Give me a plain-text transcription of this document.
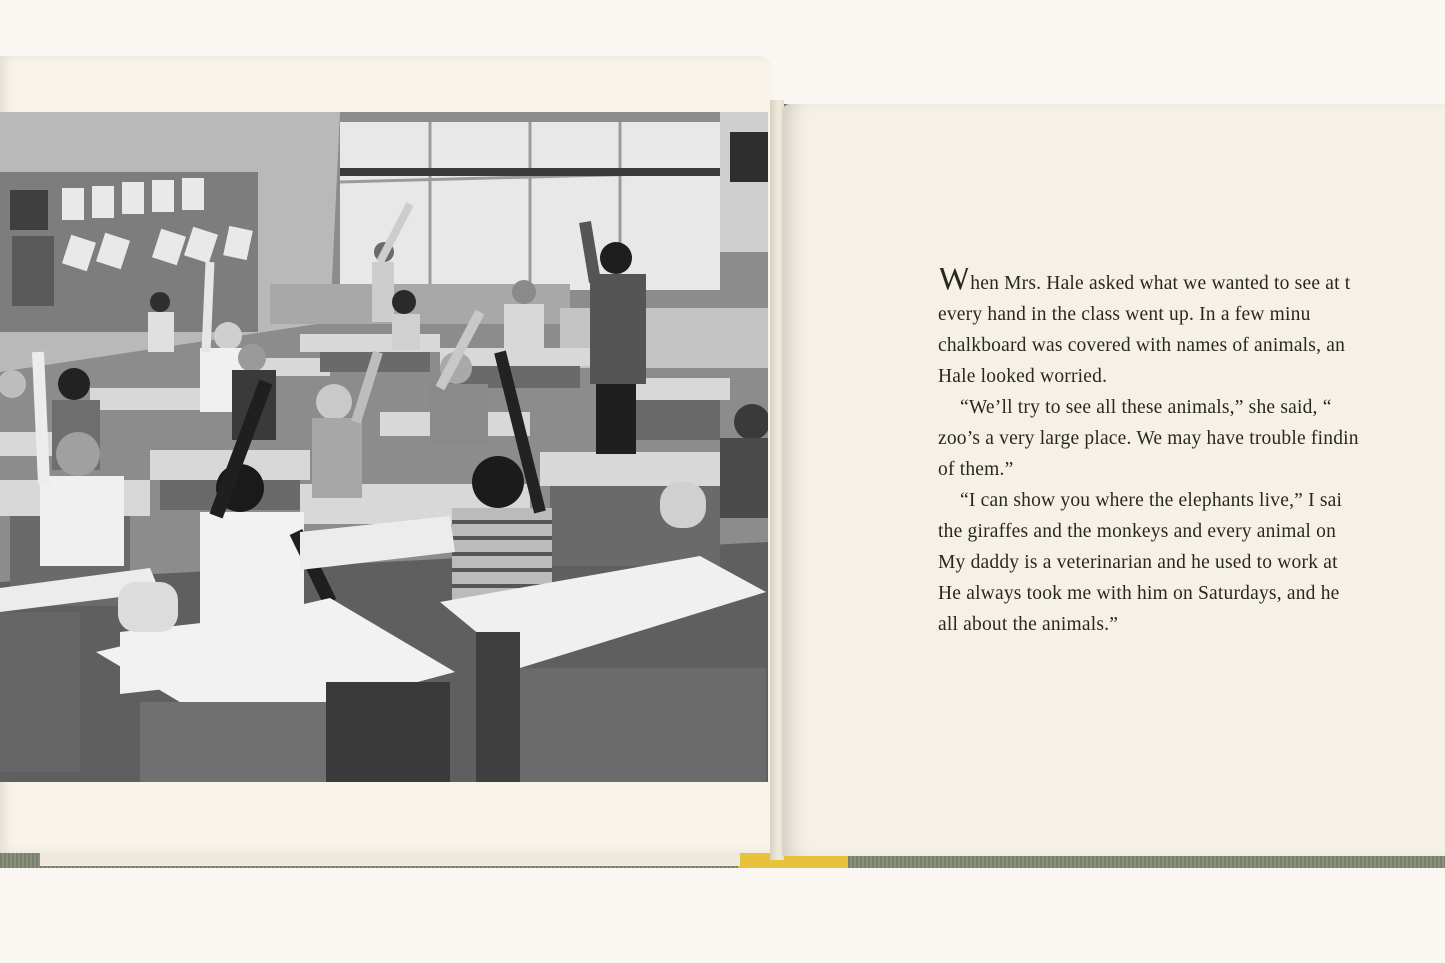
When Mrs. Hale asked what we wanted to see at t

every hand in the class went up. In a few minu

chalkboard was covered with names of animals, an

Hale looked worried.

“We’ll try to see all these animals,” she said, “

zoo’s a very large place. We may have trouble findin

of them.”

“I can show you where the elephants live,” I sai

the giraffes and the monkeys and every animal on

My daddy is a veterinarian and he used to work at

He always took me with him on Saturdays, and he

all about the animals.”
